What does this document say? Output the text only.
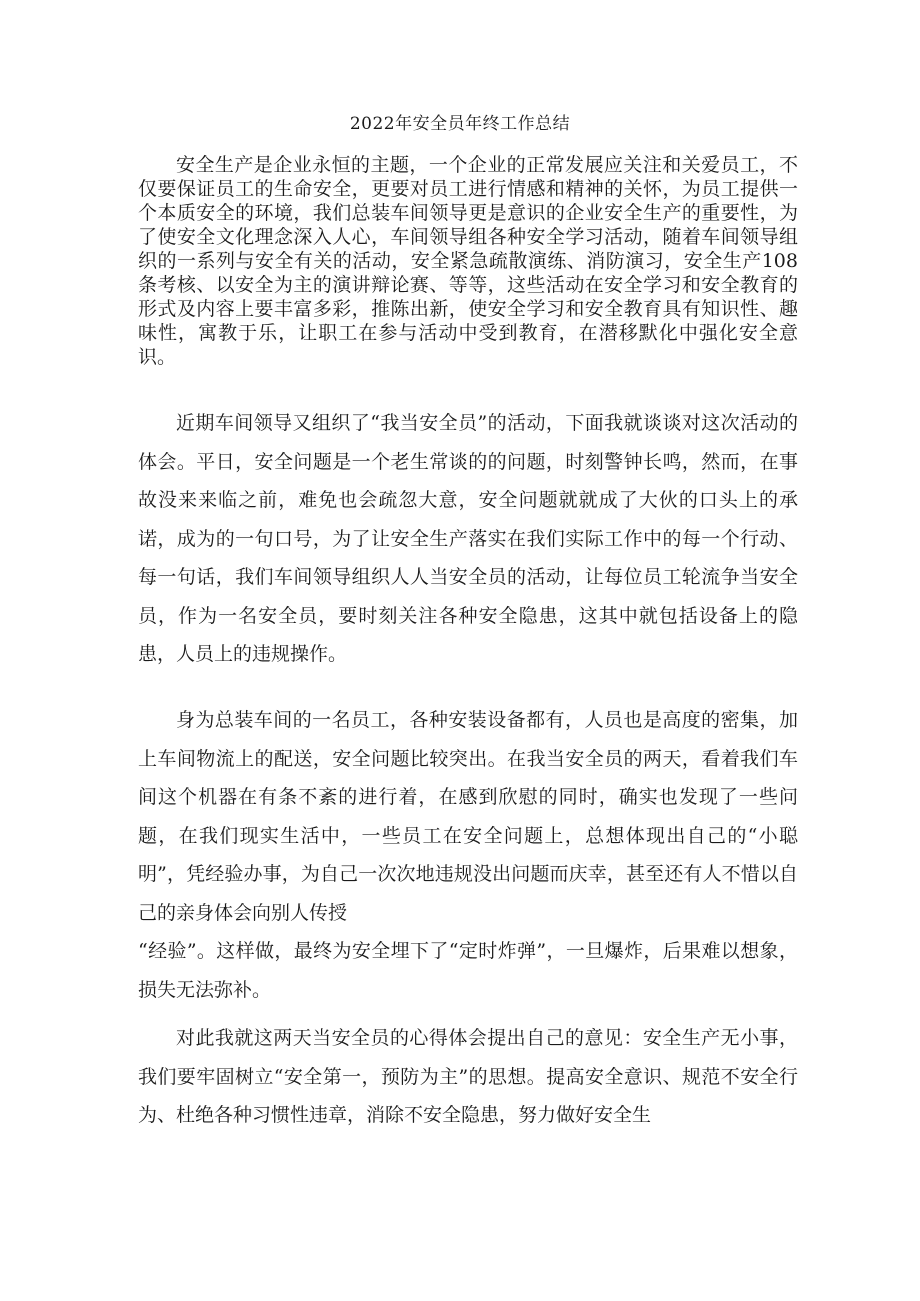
2022年安全员年终工作总结

安全生产是企业永恒的主题，一个企业的正常发展应关注和关爱员工，不仅要保证员工的生命安全，更要对员工进行情感和精神的关怀，为员工提供一个本质安全的环境，我们总装车间领导更是意识的企业安全生产的重要性，为了使安全文化理念深入人心，车间领导组各种安全学习活动，随着车间领导组织的一系列与安全有关的活动，安全紧急疏散演练、消防演习，安全生产108条考核、以安全为主的演讲辩论赛、等等，这些活动在安全学习和安全教育的形式及内容上要丰富多彩，推陈出新，使安全学习和安全教育具有知识性、趣味性，寓教于乐，让职工在参与活动中受到教育，在潜移默化中强化安全意识。

近期车间领导又组织了“我当安全员”的活动，下面我就谈谈对这次活动的体会。平日，安全问题是一个老生常谈的的问题，时刻警钟长鸣，然而，在事故没来来临之前，难免也会疏忽大意，安全问题就就成了大伙的口头上的承诺，成为的一句口号，为了让安全生产落实在我们实际工作中的每一个行动、每一句话，我们车间领导组织人人当安全员的活动，让每位员工轮流争当安全员，作为一名安全员，要时刻关注各种安全隐患，这其中就包括设备上的隐患，人员上的违规操作。

身为总装车间的一名员工，各种安装设备都有，人员也是高度的密集，加上车间物流上的配送，安全问题比较突出。在我当安全员的两天，看着我们车间这个机器在有条不紊的进行着，在感到欣慰的同时，确实也发现了一些问题，在我们现实生活中，一些员工在安全问题上，总想体现出自己的“小聪明”，凭经验办事，为自己一次次地违规没出问题而庆幸，甚至还有人不惜以自己的亲身体会向别人传授

“经验”。这样做，最终为安全埋下了“定时炸弹”，一旦爆炸，后果难以想象，损失无法弥补。

对此我就这两天当安全员的心得体会提出自己的意见：安全生产无小事，我们要牢固树立“安全第一，预防为主”的思想。提高安全意识、规范不安全行为、杜绝各种习惯性违章，消除不安全隐患，努力做好安全生
